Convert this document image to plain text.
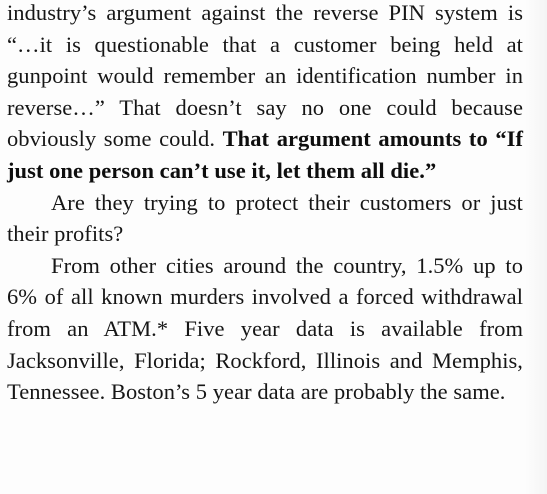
industry’s argument against the reverse PIN system is “…it is questionable that a customer being held at gunpoint would remember an identification number in reverse…” That doesn’t say no one could because obviously some could. That argument amounts to “If just one person can’t use it, let them all die.”

Are they trying to protect their customers or just their profits?

From other cities around the country, 1.5% up to 6% of all known murders involved a forced withdrawal from an ATM.* Five year data is available from Jacksonville, Florida; Rockford, Illinois and Memphis, Tennessee. Boston’s 5 year data are probably the same.
